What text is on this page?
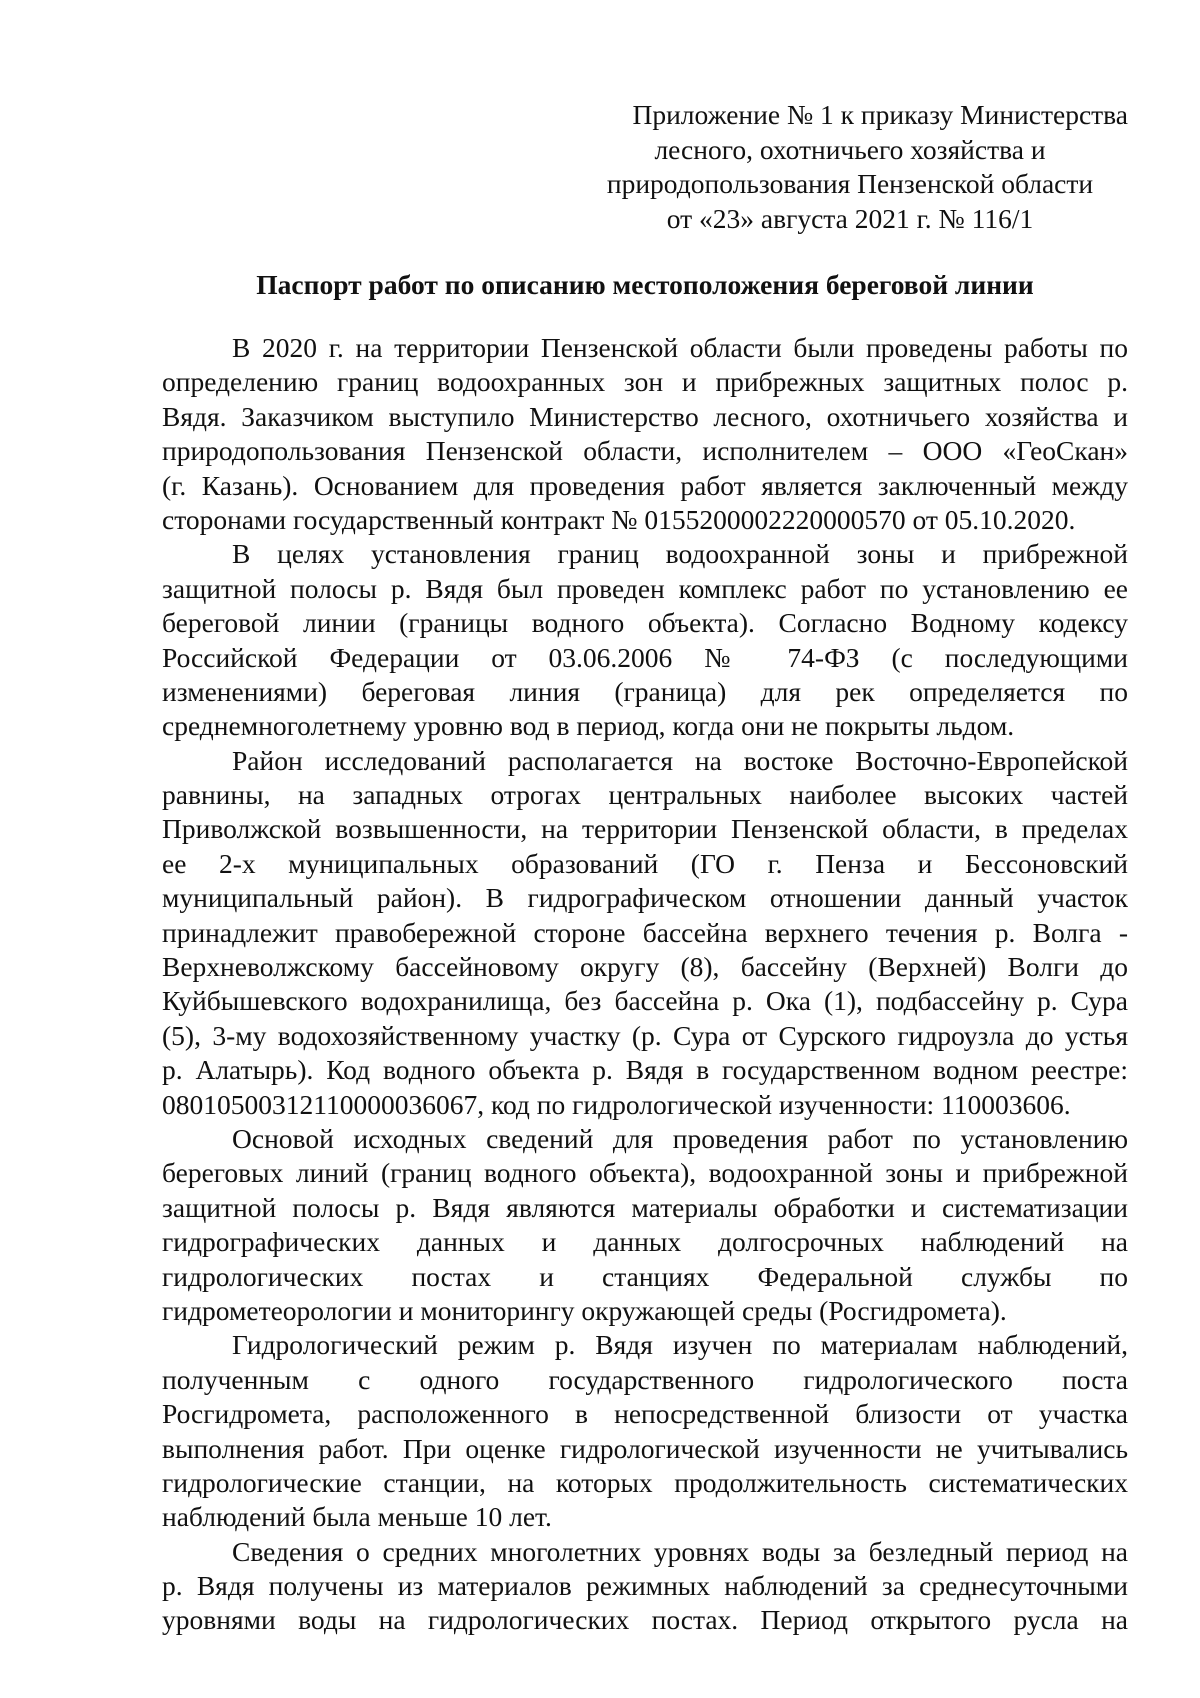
Приложение № 1 к приказу Министерства
лесного, охотничьего хозяйства и
природопользования Пензенской области
от «23» августа 2021 г. № 116/1
Паспорт работ по описанию местоположения береговой линии
В 2020 г. на территории Пензенской области были проведены работы по
определению границ водоохранных зон и прибрежных защитных полос р.
Вядя. Заказчиком выступило Министерство лесного, охотничьего хозяйства и
природопользования Пензенской области, исполнителем – ООО «ГеоСкан»
(г. Казань). Основанием для проведения работ является заключенный между
сторонами государственный контракт № 0155200002220000570 от 05.10.2020.
В целях установления границ водоохранной зоны и прибрежной
защитной полосы р. Вядя был проведен комплекс работ по установлению ее
береговой линии (границы водного объекта). Согласно Водному кодексу
Российской Федерации от 03.06.2006 № 74-ФЗ (с последующими
изменениями) береговая линия (граница) для рек определяется по
среднемноголетнему уровню вод в период, когда они не покрыты льдом.
Район исследований располагается на востоке Восточно-Европейской
равнины, на западных отрогах центральных наиболее высоких частей
Приволжской возвышенности, на территории Пензенской области, в пределах
ее 2-х муниципальных образований (ГО г. Пенза и Бессоновский
муниципальный район). В гидрографическом отношении данный участок
принадлежит правобережной стороне бассейна верхнего течения р. Волга -
Верхневолжскому бассейновому округу (8), бассейну (Верхней) Волги до
Куйбышевского водохранилища, без бассейна р. Ока (1), подбассейну р. Сура
(5), 3-му водохозяйственному участку (р. Сура от Сурского гидроузла до устья
р. Алатырь). Код водного объекта р. Вядя в государственном водном реестре:
08010500312110000036067, код по гидрологической изученности: 110003606.
Основой исходных сведений для проведения работ по установлению
береговых линий (границ водного объекта), водоохранной зоны и прибрежной
защитной полосы р. Вядя являются материалы обработки и систематизации
гидрографических данных и данных долгосрочных наблюдений на
гидрологических постах и станциях Федеральной службы по
гидрометеорологии и мониторингу окружающей среды (Росгидромета).
Гидрологический режим р. Вядя изучен по материалам наблюдений,
полученным с одного государственного гидрологического поста
Росгидромета, расположенного в непосредственной близости от участка
выполнения работ. При оценке гидрологической изученности не учитывались
гидрологические станции, на которых продолжительность систематических
наблюдений была меньше 10 лет.
Сведения о средних многолетних уровнях воды за безледный период на
р. Вядя получены из материалов режимных наблюдений за среднесуточными
уровнями воды на гидрологических постах. Период открытого русла на
